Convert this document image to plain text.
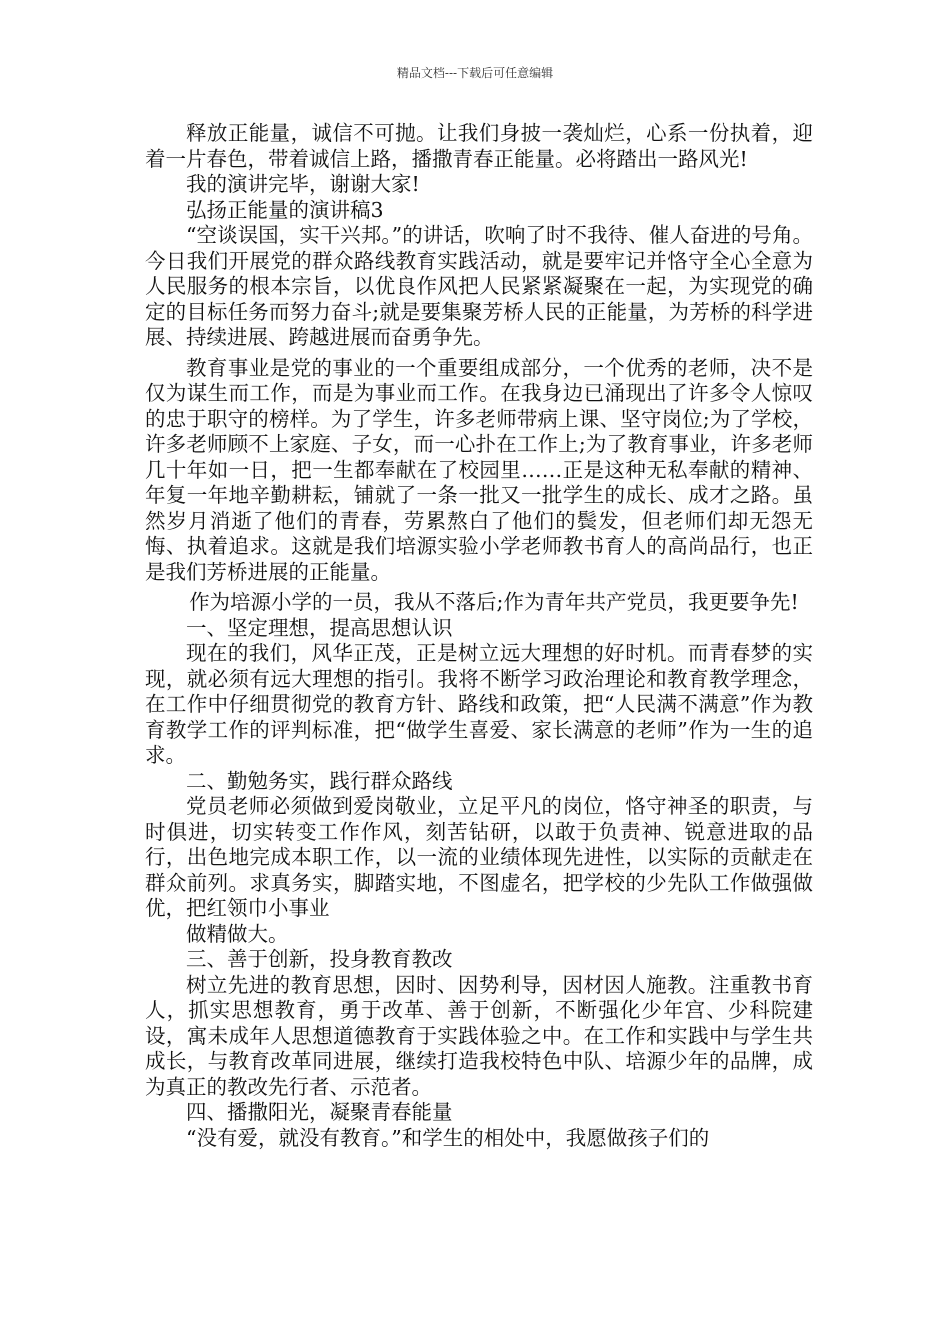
精品文档---下载后可任意编辑

释放正能量，诚信不可抛。让我们身披一袭灿烂，心系一份执着，迎着一片春色，带着诚信上路，播撒青春正能量。必将踏出一路风光!

我的演讲完毕，谢谢大家!

弘扬正能量的演讲稿3

“空谈误国，实干兴邦。”的讲话，吹响了时不我待、催人奋进的号角。今日我们开展党的群众路线教育实践活动，就是要牢记并恪守全心全意为人民服务的根本宗旨，以优良作风把人民紧紧凝聚在一起，为实现党的确定的目标任务而努力奋斗;就是要集聚芳桥人民的正能量，为芳桥的科学进展、持续进展、跨越进展而奋勇争先。

教育事业是党的事业的一个重要组成部分，一个优秀的老师，决不是仅为谋生而工作，而是为事业而工作。在我身边已涌现出了许多令人惊叹的忠于职守的榜样。为了学生，许多老师带病上课、坚守岗位;为了学校，许多老师顾不上家庭、子女，而一心扑在工作上;为了教育事业，许多老师几十年如一日，把一生都奉献在了校园里……正是这种无私奉献的精神、年复一年地辛勤耕耘，铺就了一条一批又一批学生的成长、成才之路。虽然岁月消逝了他们的青春，劳累熬白了他们的鬓发，但老师们却无怨无悔、执着追求。这就是我们培源实验小学老师教书育人的高尚品行，也正是我们芳桥进展的正能量。

作为培源小学的一员，我从不落后;作为青年共产党员，我更要争先!

一、坚定理想，提高思想认识

现在的我们，风华正茂，正是树立远大理想的好时机。而青春梦的实现，就必须有远大理想的指引。我将不断学习政治理论和教育教学理念，在工作中仔细贯彻党的教育方针、路线和政策，把“人民满不满意”作为教育教学工作的评判标准，把“做学生喜爱、家长满意的老师”作为一生的追求。

二、勤勉务实，践行群众路线

党员老师必须做到爱岗敬业，立足平凡的岗位，恪守神圣的职责，与时俱进，切实转变工作作风，刻苦钻研，以敢于负责神、锐意进取的品行，出色地完成本职工作，以一流的业绩体现先进性，以实际的贡献走在群众前列。求真务实，脚踏实地，不图虚名，把学校的少先队工作做强做优，把红领巾小事业

做精做大。

三、善于创新，投身教育教改

树立先进的教育思想，因时、因势利导，因材因人施教。注重教书育人，抓实思想教育，勇于改革、善于创新，不断强化少年宫、少科院建设，寓未成年人思想道德教育于实践体验之中。在工作和实践中与学生共成长，与教育改革同进展，继续打造我校特色中队、培源少年的品牌，成为真正的教改先行者、示范者。

四、播撒阳光，凝聚青春能量

“没有爱，就没有教育。”和学生的相处中，我愿做孩子们的
